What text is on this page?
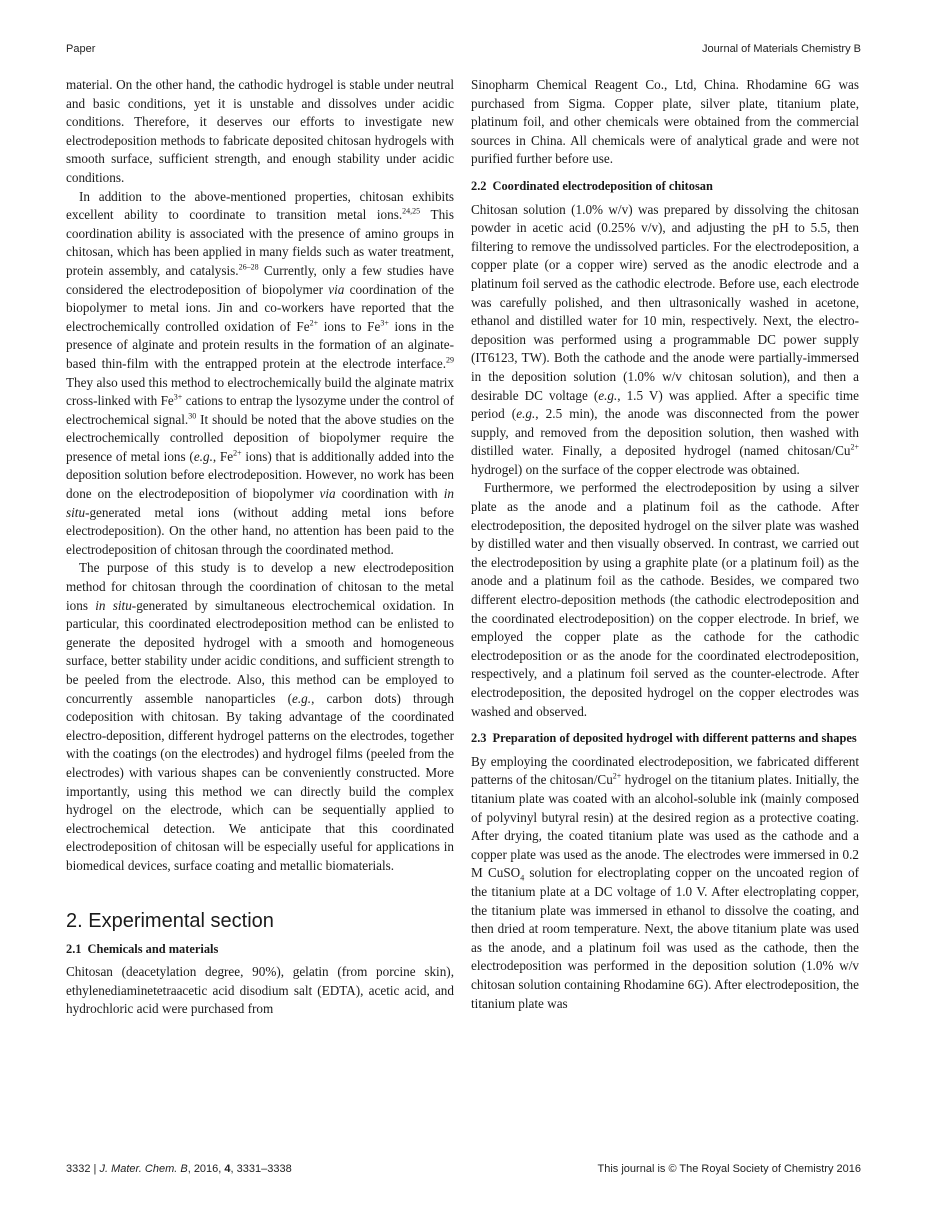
Paper	Journal of Materials Chemistry B

material. On the other hand, the cathodic hydrogel is stable under neutral and basic conditions, yet it is unstable and dissolves under acidic conditions. Therefore, it deserves our efforts to investigate new electrodeposition methods to fabricate deposited chitosan hydrogels with smooth surface, sufficient strength, and enough stability under acidic conditions.

In addition to the above-mentioned properties, chitosan exhibits excellent ability to coordinate to transition metal ions.$^{24,25}$ This coordination ability is associated with the presence of amino groups in chitosan, which has been applied in many fields such as water treatment, protein assembly, and catalysis.$^{26-28}$ Currently, only a few studies have considered the electrodeposition of biopolymer via coordination of the biopolymer to metal ions. Jin and co-workers have reported that the electrochemically controlled oxidation of $Fe^{2+}$ ions to $Fe^{3+}$ ions in the presence of alginate and protein results in the formation of an alginate-based thin-film with the entrapped protein at the electrode interface.$^{29}$ They also used this method to electrochemically build the alginate matrix cross-linked with $Fe^{3+}$ cations to entrap the lysozyme under the control of electrochemical signal.$^{30}$ It should be noted that the above studies on the electrochemically controlled deposition of biopolymer require the presence of metal ions (e.g., $Fe^{2+}$ ions) that is additionally added into the deposition solution before electrodeposition. However, no work has been done on the electrodeposition of biopolymer via coordination with in situ-generated metal ions (without adding metal ions before electrodeposition). On the other hand, no attention has been paid to the electrodeposition of chitosan through the coordinated method.

The purpose of this study is to develop a new electrodeposition method for chitosan through the coordination of chitosan to the metal ions in situ-generated by simultaneous electrochemical oxidation. In particular, this coordinated electrodeposition method can be enlisted to generate the deposited hydrogel with a smooth and homogeneous surface, better stability under acidic conditions, and sufficient strength to be peeled from the electrode. Also, this method can be employed to concurrently assemble nanoparticles (e.g., carbon dots) through codeposition with chitosan. By taking advantage of the coordinated electro-deposition, different hydrogel patterns on the electrodes, together with the coatings (on the electrodes) and hydrogel films (peeled from the electrodes) with various shapes can be conveniently constructed. More importantly, using this method we can directly build the complex hydrogel on the electrode, which can be sequentially applied to electrochemical detection. We anticipate that this coordinated electrodeposition of chitosan will be especially useful for applications in biomedical devices, surface coating and metallic biomaterials.

2. Experimental section
2.1 Chemicals and materials

Chitosan (deacetylation degree, 90%), gelatin (from porcine skin), ethylenediaminetetraacetic acid disodium salt (EDTA), acetic acid, and hydrochloric acid were purchased from

Sinopharm Chemical Reagent Co., Ltd, China. Rhodamine 6G was purchased from Sigma. Copper plate, silver plate, titanium plate, platinum foil, and other chemicals were obtained from the commercial sources in China. All chemicals were of analytical grade and were not purified further before use.

2.2 Coordinated electrodeposition of chitosan

Chitosan solution (1.0% w/v) was prepared by dissolving the chitosan powder in acetic acid (0.25% v/v), and adjusting the pH to 5.5, then filtering to remove the undissolved particles. For the electrodeposition, a copper plate (or a copper wire) served as the anodic electrode and a platinum foil served as the cathodic electrode. Before use, each electrode was carefully polished, and then ultrasonically washed in acetone, ethanol and distilled water for 10 min, respectively. Next, the electro-deposition was performed using a programmable DC power supply (IT6123, TW). Both the cathode and the anode were partially-immersed in the deposition solution (1.0% w/v chitosan solution), and then a desirable DC voltage (e.g., 1.5 V) was applied. After a specific time period (e.g., 2.5 min), the anode was disconnected from the power supply, and removed from the deposition solution, then washed with distilled water. Finally, a deposited hydrogel (named chitosan/$Cu^{2+}$ hydrogel) on the surface of the copper electrode was obtained.

Furthermore, we performed the electrodeposition by using a silver plate as the anode and a platinum foil as the cathode. After electrodeposition, the deposited hydrogel on the silver plate was washed by distilled water and then visually observed. In contrast, we carried out the electrodeposition by using a graphite plate (or a platinum foil) as the anode and a platinum foil as the cathode. Besides, we compared two different electro-deposition methods (the cathodic electrodeposition and the coordinated electrodeposition) on the copper electrode. In brief, we employed the copper plate as the cathode for the cathodic electrodeposition or as the anode for the coordinated electrodeposition, respectively, and a platinum foil served as the counter-electrode. After electrodeposition, the deposited hydrogel on the copper electrodes was washed and observed.

2.3 Preparation of deposited hydrogel with different patterns and shapes

By employing the coordinated electrodeposition, we fabricated different patterns of the chitosan/$Cu^{2+}$ hydrogel on the titanium plates. Initially, the titanium plate was coated with an alcohol-soluble ink (mainly composed of polyvinyl butyral resin) at the desired region as a protective coating. After drying, the coated titanium plate was used as the cathode and a copper plate was used as the anode. The electrodes were immersed in 0.2 M CuSO$_4$ solution for electroplating copper on the uncoated region of the titanium plate at a DC voltage of 1.0 V. After electroplating copper, the titanium plate was immersed in ethanol to dissolve the coating, and then dried at room temperature. Next, the above titanium plate was used as the anode, and a platinum foil was used as the cathode, then the electrodeposition was performed in the deposition solution (1.0% w/v chitosan solution containing Rhodamine 6G). After electrodeposition, the titanium plate was

3332 | J. Mater. Chem. B, 2016, 4, 3331–3338	This journal is © The Royal Society of Chemistry 2016
